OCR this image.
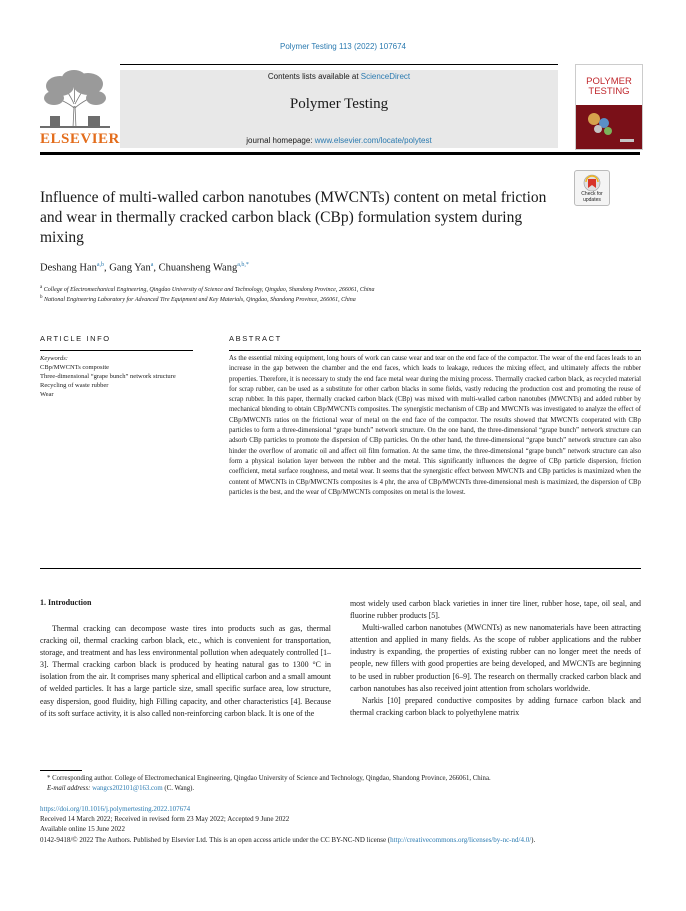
Polymer Testing 113 (2022) 107674
Contents lists available at ScienceDirect
Polymer Testing
journal homepage: www.elsevier.com/locate/polytest
ELSEVIER
POLYMER
TESTING
Check for updates
Influence of multi-walled carbon nanotubes (MWCNTs) content on metal friction and wear in thermally cracked carbon black (CBp) formulation system during mixing
Deshang Han$^{a,b}$, Gang Yan$^a$, Chuansheng Wang$^{a,b,*}$
$^a$ College of Electromechanical Engineering, Qingdao University of Science and Technology, Qingdao, Shandong Province, 266061, China
$^b$ National Engineering Laboratory for Advanced Tire Equipment and Key Materials, Qingdao, Shandong Province, 266061, China
ARTICLE INFO	ABSTRACT
Keywords:
CBp/MWCNTs composite
Three-dimensional “grape bunch” network structure
Recycling of waste rubber
Wear
As the essential mixing equipment, long hours of work can cause wear and tear on the end face of the compactor. The wear of the end faces leads to an increase in the gap between the chamber and the end faces, which leads to leakage, reduces the mixing effect, and ultimately affects the rubber properties. Therefore, it is necessary to study the end face metal wear during the mixing process. Thermally cracked carbon black, as recycled material for scrap rubber, can be used as a substitute for other carbon blacks in some fields, vastly reducing the production cost and promoting the reuse of scrap rubber. In this paper, thermally cracked carbon black (CBp) was mixed with multi-walled carbon nanotubes (MWCNTs) and added rubber by mechanical blending to obtain CBp/MWCNTs composites. The synergistic mechanism of CBp and MWCNTs was investigated to analyze the effect of CBp/MWCNTs ratios on the frictional wear of metal on the end face of the compactor. The results showed that MWCNTs cooperated with CBp particles to form a three-dimensional “grape bunch” network structure. On the one hand, the three-dimensional “grape bunch” network structure can adsorb CBp particles to promote the dispersion of CBp particles. On the other hand, the three-dimensional “grape bunch” network structure can also hinder the overflow of aromatic oil and affect oil film formation. At the same time, the three-dimensional “grape bunch” network structure can also form a physical isolation layer between the rubber and the metal. This significantly influences the degree of CBp particle dispersion, friction coefficient, metal surface roughness, and metal wear. It seems that the synergistic effect between MWCNTs and CBp particles is maximized when the content of MWCNTs in CBp/MWCNTs composites is 4 phr, the area of CBp/MWCNTs three-dimensional mesh is maximized, the dispersion of CBp particles is the best, and the wear of CBp/MWCNTs composites on metal is the lowest.
1. Introduction

Thermal cracking can decompose waste tires into products such as gas, thermal cracking oil, thermal cracking carbon black, etc., which is convenient for transportation, storage, and treatment and has less environmental pollution when adequately controlled [1–3]. Thermal cracking carbon black is produced by heating natural gas to 1300 °C in isolation from the air. It comprises many spherical and elliptical carbon and a small amount of welded particles. It has a large particle size, small specific surface area, low structure, easy dispersion, good fluidity, high Filling capacity, and other characteristics [4]. Because of its soft surface activity, it is also called non-reinforcing carbon black. It is one of the

most widely used carbon black varieties in inner tire liner, rubber hose, tape, oil seal, and fluorine rubber products [5].

Multi-walled carbon nanotubes (MWCNTs) as new nanomaterials have been attracting attention and applied in many fields. As the scope of rubber applications and the rubber industry is expanding, the properties of existing rubber can no longer meet the needs of people, new fillers with good properties are being developed, and MWCNTs are beginning to be used in rubber production [6–9]. The research on thermally cracked carbon black and carbon nanotubes has also received joint attention from scholars worldwide.

Narkis [10] prepared conductive composites by adding furnace carbon black and thermal cracking carbon black to polyethylene matrix

* Corresponding author. College of Electromechanical Engineering, Qingdao University of Science and Technology, Qingdao, Shandong Province, 266061, China.

E-mail address: wangcs202101@163.com (C. Wang).

https://doi.org/10.1016/j.polymertesting.2022.107674
Received 14 March 2022; Received in revised form 23 May 2022; Accepted 9 June 2022
Available online 15 June 2022
0142-9418/© 2022 The Authors. Published by Elsevier Ltd. This is an open access article under the CC BY-NC-ND license (http://creativecommons.org/licenses/by-nc-nd/4.0/).
